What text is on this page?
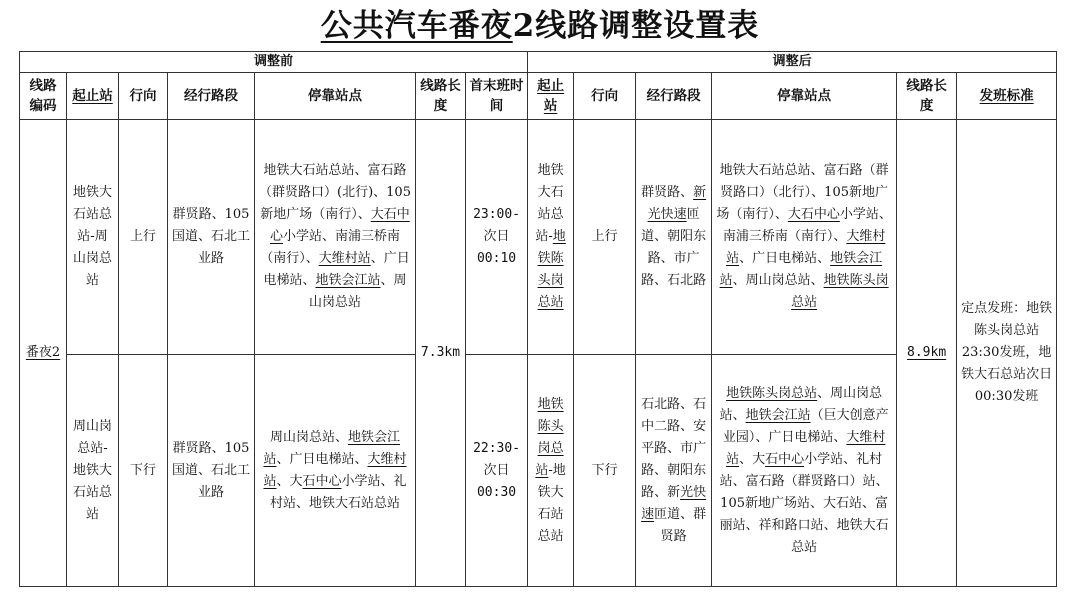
公共汽车番夜2线路调整设置表
调整前							调整后					
线路编码	起止站	行向	经行路段	停靠站点	线路长度	首末班时间	起止站	行向	经行路段	停靠站点	线路长度	发班标准
番夜2	地铁大石站总站-周山岗总站	上行	群贤路、105国道、石北工业路	地铁大石站总站、富石路（群贤路口）(北行)、105新地广场（南行）、大石中心小学站、南浦三桥南（南行）、大维村站、广日电梯站、地铁会江站、周山岗总站	7.3km	23:00-次日00:10	地铁大石站总站-地铁陈头岗总站	上行	群贤路、新光快速匝道、朝阳东路、市广路、石北路	地铁大石站总站、富石路（群贤路口）（北行）、105新地广场（南行）、大石中心小学站、南浦三桥南（南行）、大维村站、广日电梯站、地铁会江站、周山岗总站、地铁陈头岗总站	8.9km	定点发班：地铁陈头岗总站23:30发班，地铁大石总站次日00:30发班
	周山岗总站-地铁大石站总站	下行	群贤路、105国道、石北工业路	周山岗总站、地铁会江站、广日电梯站、大维村站、大石中心小学站、礼村站、地铁大石站总站		22:30-次日00:30	地铁陈头岗总站-地铁大石站总站	下行	石北路、石中二路、安平路、市广路、朝阳东路、新光快速匝道、群贤路	地铁陈头岗总站、周山岗总站、地铁会江站（巨大创意产业园）、广日电梯站、大维村站、大石中心小学站、礼村站、富石路（群贤路口）站、105新地广场站、大石站、富丽站、祥和路口站、地铁大石总站		
